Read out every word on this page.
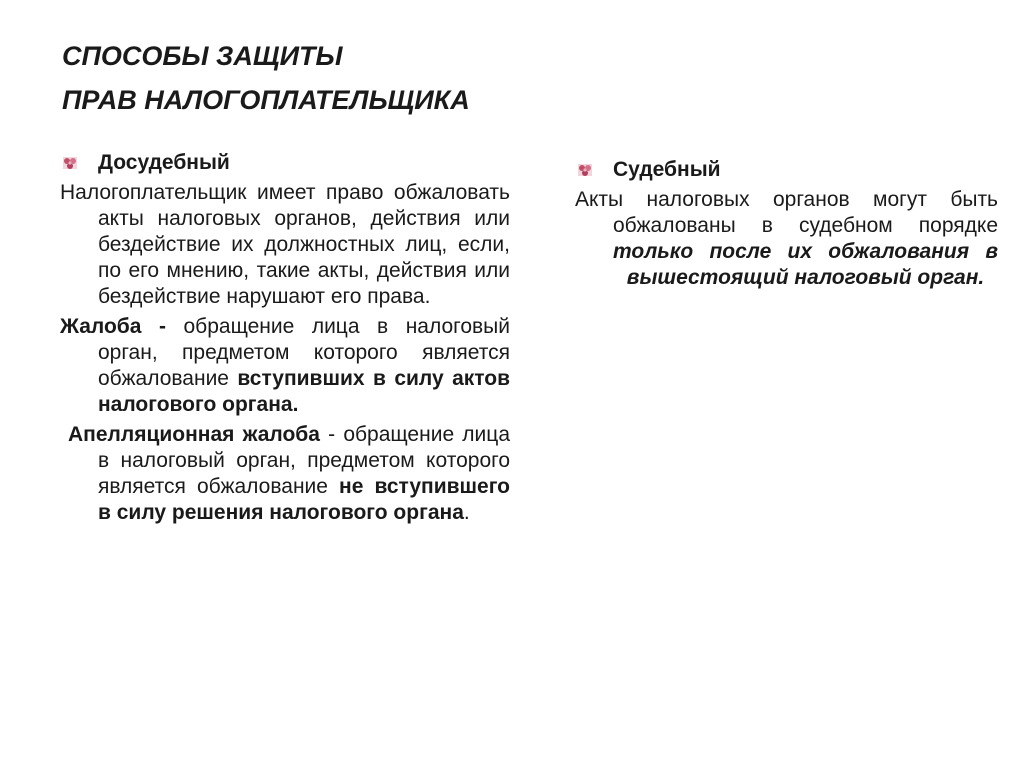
СПОСОБЫ ЗАЩИТЫ
ПРАВ НАЛОГОПЛАТЕЛЬЩИКА
Досудебный

Налогоплательщик имеет право обжаловать акты налоговых органов, действия или бездействие их должностных лиц, если, по его мнению, такие акты, действия или бездействие нарушают его права.

Жалоба - обращение лица в налоговый орган, предметом которого является обжалование вступивших в силу актов налогового органа.

Апелляционная жалоба - обращение лица в налоговый орган, предметом которого является обжалование не вступившего в силу решения налогового органа.

Судебный

Акты налоговых органов могут быть обжалованы в судебном порядке только после их обжалования в вышестоящий налоговый орган.
